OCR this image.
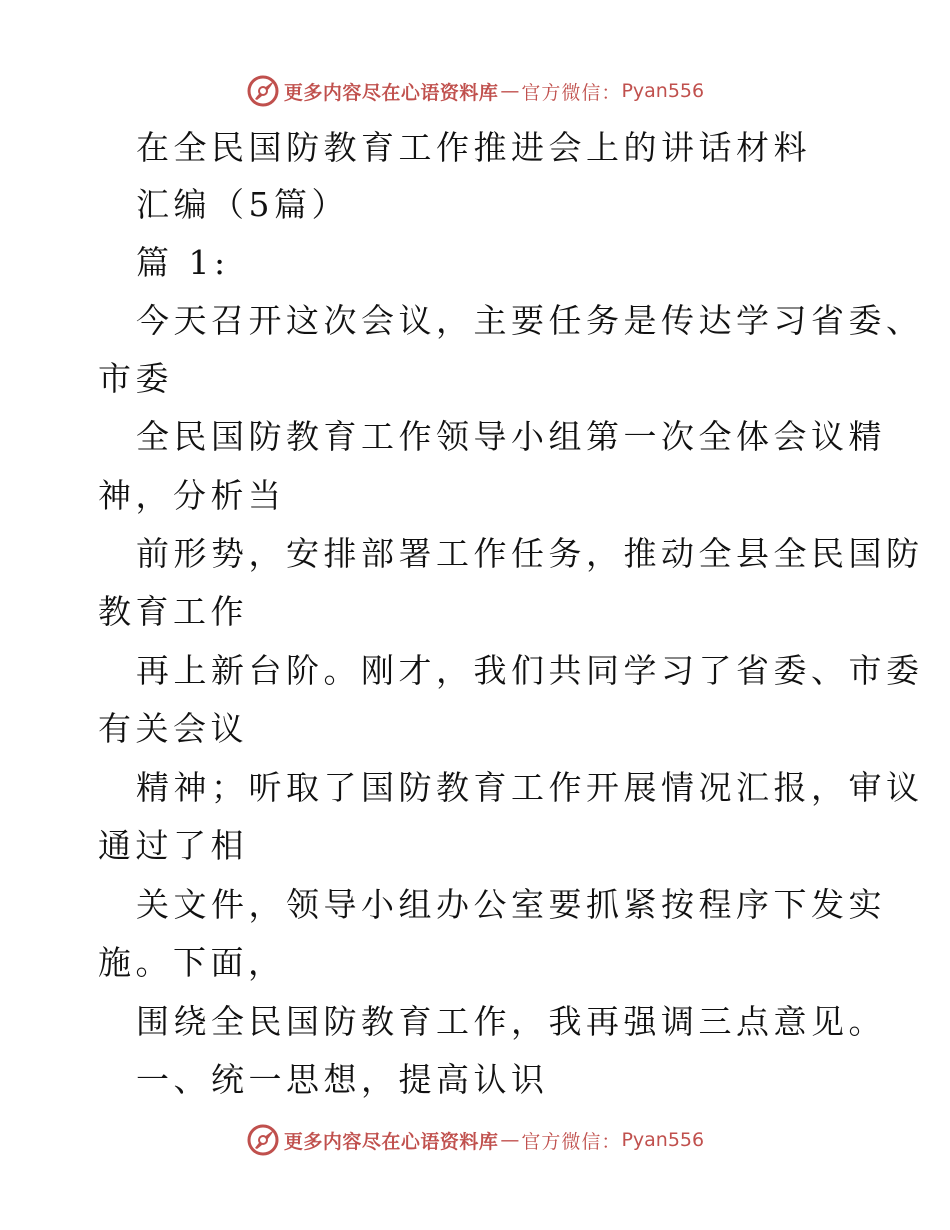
更多内容尽在心语资料库 — 官方微信： Pyan556
在全民国防教育工作推进会上的讲话材料
汇编（5篇）
篇 1:
今天召开这次会议，主要任务是传达学习省委、
市委
全民国防教育工作领导小组第一次全体会议精
神，分析当
前形势，安排部署工作任务，推动全县全民国防
教育工作
再上新台阶。刚才，我们共同学习了省委、市委
有关会议
精神；听取了国防教育工作开展情况汇报，审议
通过了相
关文件，领导小组办公室要抓紧按程序下发实
施。下面，
围绕全民国防教育工作，我再强调三点意见。
一、统一思想，提高认识
更多内容尽在心语资料库 — 官方微信： Pyan556
